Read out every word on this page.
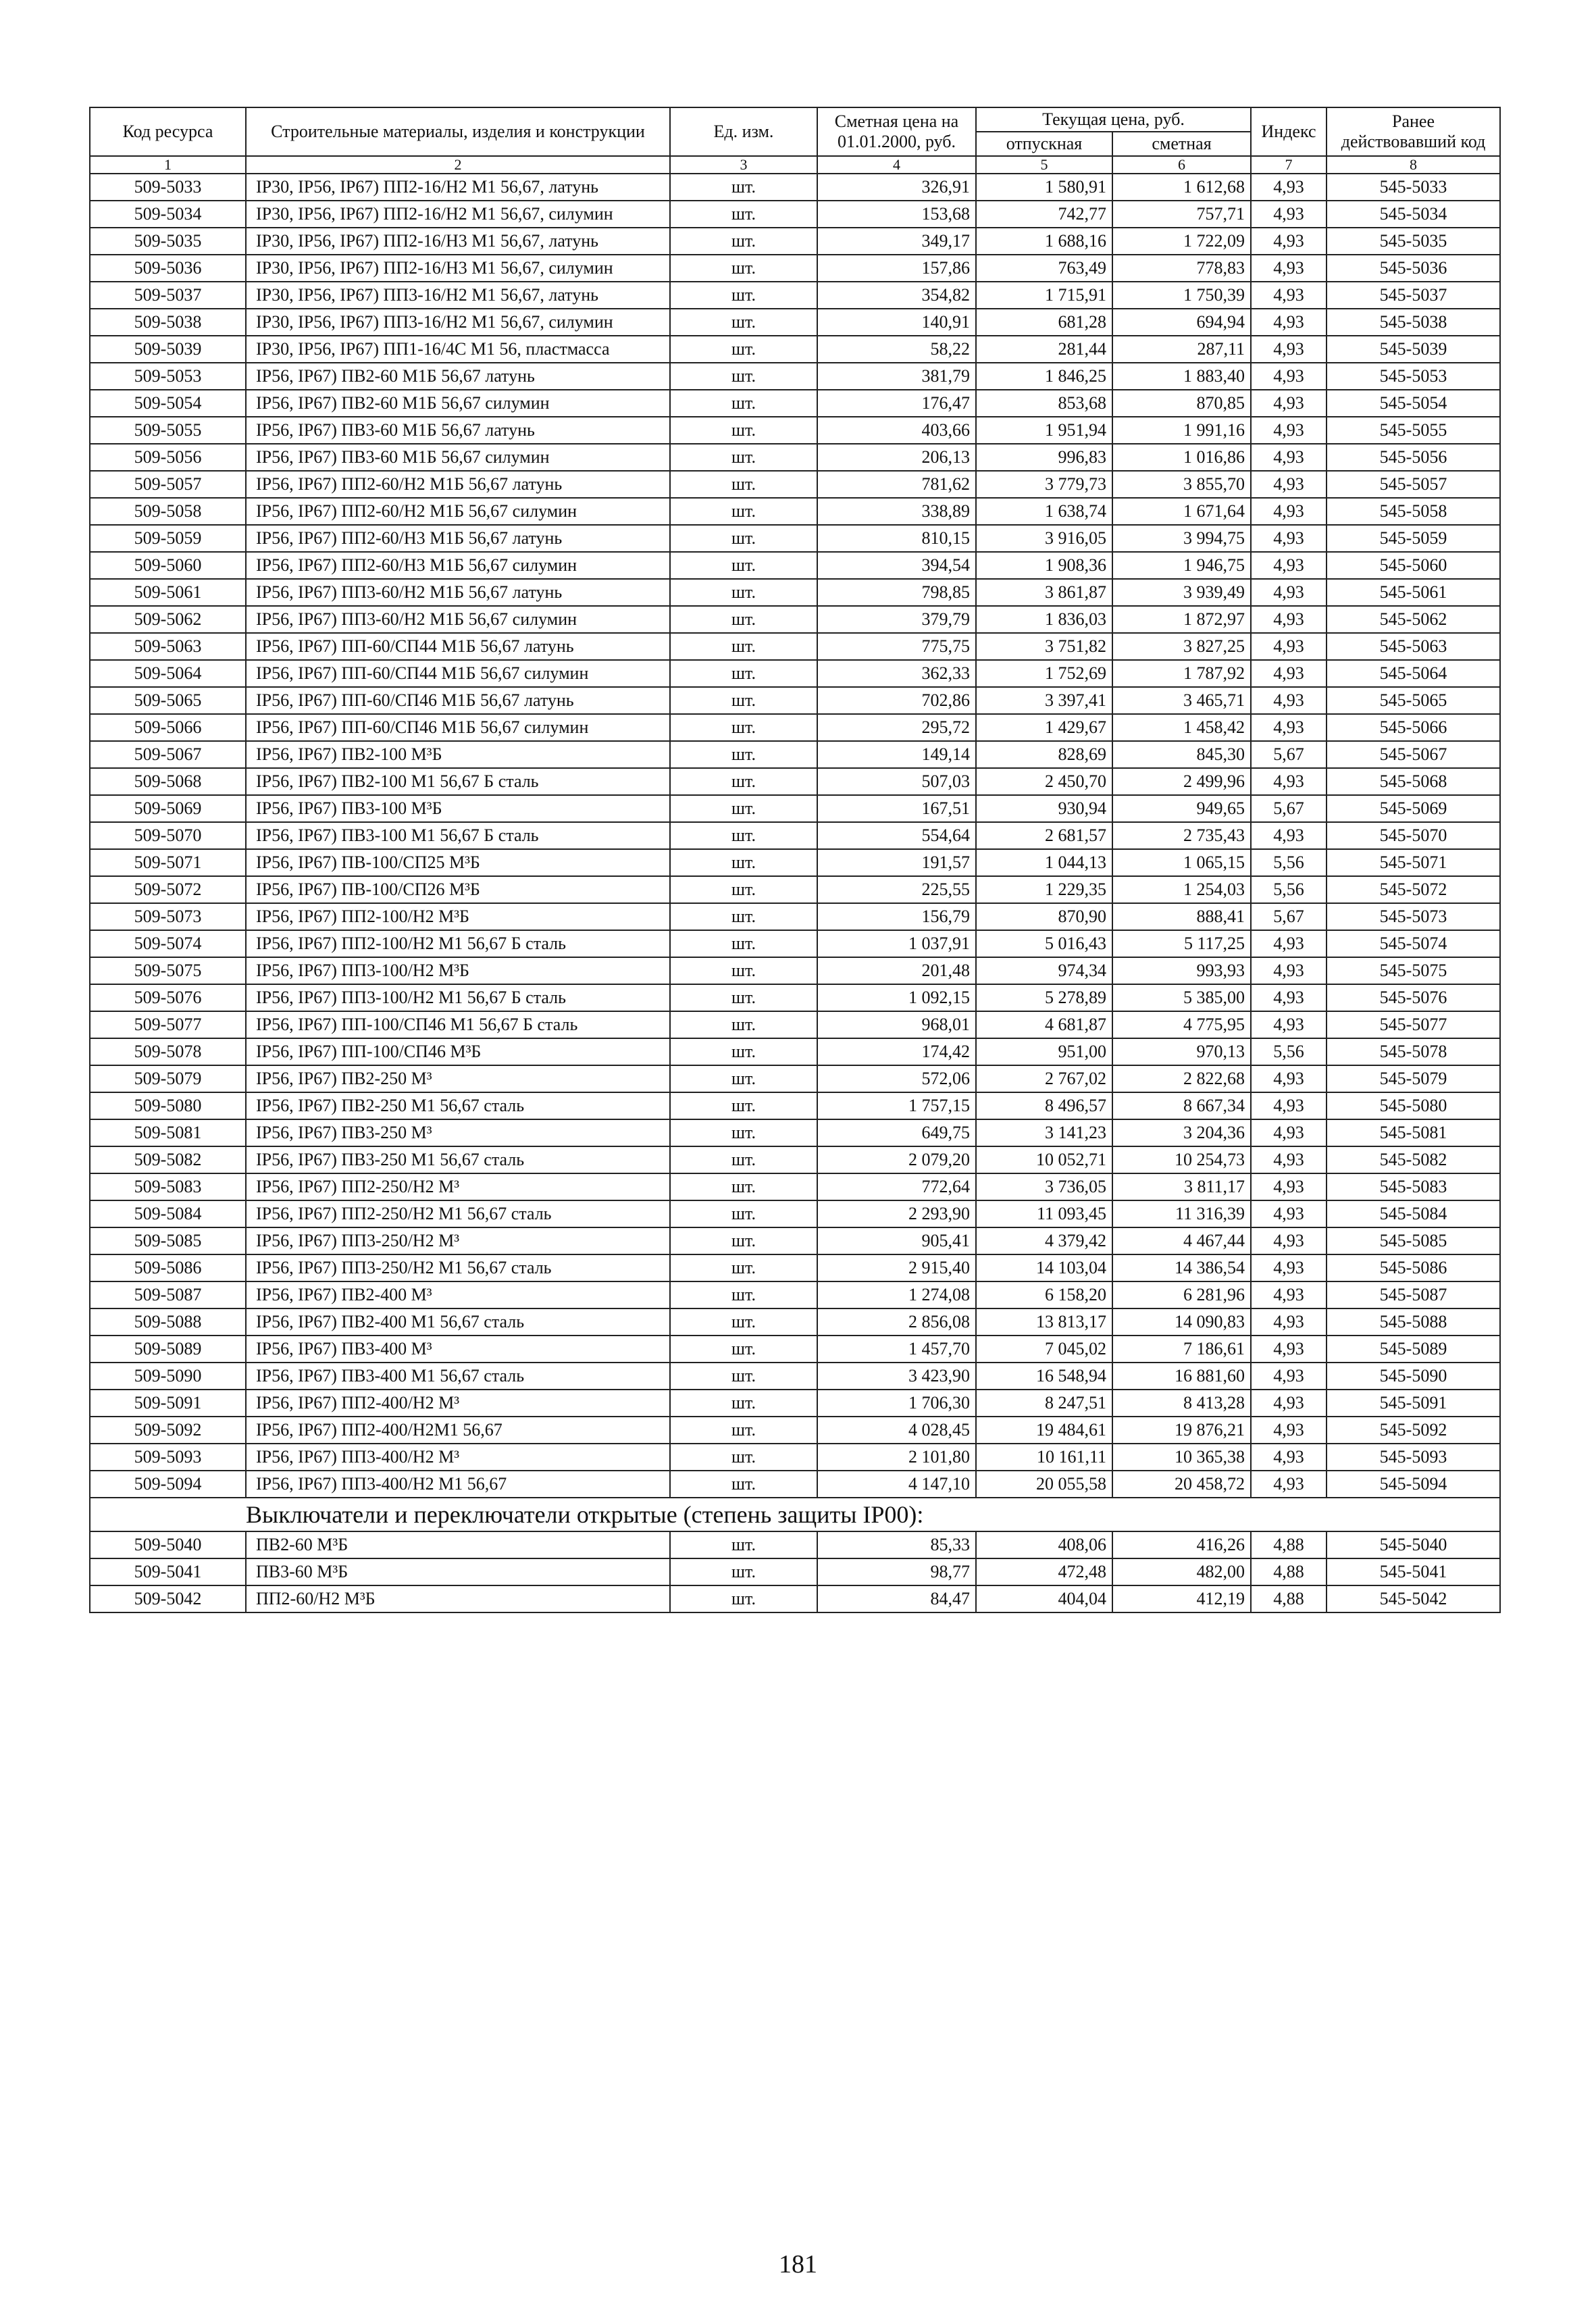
Код ресурса	Строительные материалы, изделия и конструкции	Ед. изм.	Сметная цена на 01.01.2000, руб.	Текущая цена, руб.		Индекс	Ранее действовавший код
				отпускная	сметная		
1	2	3	4	5	6	7	8
509-5033	IP30, IP56, IP67) ПП2-16/Н2 М1 56,67, латунь	шт.	326,91	1 580,91	1 612,68	4,93	545-5033
509-5034	IP30, IP56, IP67) ПП2-16/Н2 М1 56,67, силумин	шт.	153,68	742,77	757,71	4,93	545-5034
509-5035	IP30, IP56, IP67) ПП2-16/Н3 М1 56,67, латунь	шт.	349,17	1 688,16	1 722,09	4,93	545-5035
509-5036	IP30, IP56, IP67) ПП2-16/Н3 М1 56,67, силумин	шт.	157,86	763,49	778,83	4,93	545-5036
509-5037	IP30, IP56, IP67) ПП3-16/Н2 М1 56,67, латунь	шт.	354,82	1 715,91	1 750,39	4,93	545-5037
509-5038	IP30, IP56, IP67) ПП3-16/Н2 М1 56,67, силумин	шт.	140,91	681,28	694,94	4,93	545-5038
509-5039	IP30, IP56, IP67) ПП1-16/4С М1 56, пластмасса	шт.	58,22	281,44	287,11	4,93	545-5039
509-5053	IP56, IP67) ПВ2-60 М1Б 56,67 латунь	шт.	381,79	1 846,25	1 883,40	4,93	545-5053
509-5054	IP56, IP67) ПВ2-60 М1Б 56,67 силумин	шт.	176,47	853,68	870,85	4,93	545-5054
509-5055	IP56, IP67) ПВ3-60 М1Б 56,67 латунь	шт.	403,66	1 951,94	1 991,16	4,93	545-5055
509-5056	IP56, IP67) ПВ3-60 М1Б 56,67 силумин	шт.	206,13	996,83	1 016,86	4,93	545-5056
509-5057	IP56, IP67) ПП2-60/Н2 М1Б 56,67 латунь	шт.	781,62	3 779,73	3 855,70	4,93	545-5057
509-5058	IP56, IP67) ПП2-60/Н2 М1Б 56,67 силумин	шт.	338,89	1 638,74	1 671,64	4,93	545-5058
509-5059	IP56, IP67) ПП2-60/Н3 М1Б 56,67 латунь	шт.	810,15	3 916,05	3 994,75	4,93	545-5059
509-5060	IP56, IP67) ПП2-60/Н3 М1Б 56,67 силумин	шт.	394,54	1 908,36	1 946,75	4,93	545-5060
509-5061	IP56, IP67) ПП3-60/Н2 М1Б 56,67 латунь	шт.	798,85	3 861,87	3 939,49	4,93	545-5061
509-5062	IP56, IP67) ПП3-60/Н2 М1Б 56,67 силумин	шт.	379,79	1 836,03	1 872,97	4,93	545-5062
509-5063	IP56, IP67) ПП-60/СП44 М1Б 56,67 латунь	шт.	775,75	3 751,82	3 827,25	4,93	545-5063
509-5064	IP56, IP67) ПП-60/СП44 М1Б 56,67 силумин	шт.	362,33	1 752,69	1 787,92	4,93	545-5064
509-5065	IP56, IP67) ПП-60/СП46 М1Б 56,67 латунь	шт.	702,86	3 397,41	3 465,71	4,93	545-5065
509-5066	IP56, IP67) ПП-60/СП46 М1Б 56,67 силумин	шт.	295,72	1 429,67	1 458,42	4,93	545-5066
509-5067	IP56, IP67) ПВ2-100 М³Б	шт.	149,14	828,69	845,30	5,67	545-5067
509-5068	IP56, IP67) ПВ2-100 М1 56,67 Б сталь	шт.	507,03	2 450,70	2 499,96	4,93	545-5068
509-5069	IP56, IP67) ПВ3-100 М³Б	шт.	167,51	930,94	949,65	5,67	545-5069
509-5070	IP56, IP67) ПВ3-100 М1 56,67 Б сталь	шт.	554,64	2 681,57	2 735,43	4,93	545-5070
509-5071	IP56, IP67) ПВ-100/СП25 М³Б	шт.	191,57	1 044,13	1 065,15	5,56	545-5071
509-5072	IP56, IP67) ПВ-100/СП26 М³Б	шт.	225,55	1 229,35	1 254,03	5,56	545-5072
509-5073	IP56, IP67) ПП2-100/Н2 М³Б	шт.	156,79	870,90	888,41	5,67	545-5073
509-5074	IP56, IP67) ПП2-100/Н2 М1 56,67 Б сталь	шт.	1 037,91	5 016,43	5 117,25	4,93	545-5074
509-5075	IP56, IP67) ПП3-100/Н2 М³Б	шт.	201,48	974,34	993,93	4,93	545-5075
509-5076	IP56, IP67) ПП3-100/Н2 М1 56,67 Б сталь	шт.	1 092,15	5 278,89	5 385,00	4,93	545-5076
509-5077	IP56, IP67) ПП-100/СП46 М1 56,67 Б сталь	шт.	968,01	4 681,87	4 775,95	4,93	545-5077
509-5078	IP56, IP67) ПП-100/СП46 М³Б	шт.	174,42	951,00	970,13	5,56	545-5078
509-5079	IP56, IP67) ПВ2-250 М³	шт.	572,06	2 767,02	2 822,68	4,93	545-5079
509-5080	IP56, IP67) ПВ2-250 М1 56,67 сталь	шт.	1 757,15	8 496,57	8 667,34	4,93	545-5080
509-5081	IP56, IP67) ПВ3-250 М³	шт.	649,75	3 141,23	3 204,36	4,93	545-5081
509-5082	IP56, IP67) ПВ3-250 М1 56,67 сталь	шт.	2 079,20	10 052,71	10 254,73	4,93	545-5082
509-5083	IP56, IP67) ПП2-250/Н2 М³	шт.	772,64	3 736,05	3 811,17	4,93	545-5083
509-5084	IP56, IP67) ПП2-250/Н2 М1 56,67 сталь	шт.	2 293,90	11 093,45	11 316,39	4,93	545-5084
509-5085	IP56, IP67) ПП3-250/Н2 М³	шт.	905,41	4 379,42	4 467,44	4,93	545-5085
509-5086	IP56, IP67) ПП3-250/Н2 М1 56,67 сталь	шт.	2 915,40	14 103,04	14 386,54	4,93	545-5086
509-5087	IP56, IP67) ПВ2-400 М³	шт.	1 274,08	6 158,20	6 281,96	4,93	545-5087
509-5088	IP56, IP67) ПВ2-400 М1 56,67 сталь	шт.	2 856,08	13 813,17	14 090,83	4,93	545-5088
509-5089	IP56, IP67) ПВ3-400 М³	шт.	1 457,70	7 045,02	7 186,61	4,93	545-5089
509-5090	IP56, IP67) ПВ3-400 М1 56,67 сталь	шт.	3 423,90	16 548,94	16 881,60	4,93	545-5090
509-5091	IP56, IP67) ПП2-400/Н2 М³	шт.	1 706,30	8 247,51	8 413,28	4,93	545-5091
509-5092	IP56, IP67) ПП2-400/Н2М1 56,67	шт.	4 028,45	19 484,61	19 876,21	4,93	545-5092
509-5093	IP56, IP67) ПП3-400/Н2 М³	шт.	2 101,80	10 161,11	10 365,38	4,93	545-5093
509-5094	IP56, IP67) ПП3-400/Н2 М1 56,67	шт.	4 147,10	20 055,58	20 458,72	4,93	545-5094
Выключатели и переключатели открытые (степень защиты IP00):							
509-5040	ПВ2-60 М³Б	шт.	85,33	408,06	416,26	4,88	545-5040
509-5041	ПВ3-60 М³Б	шт.	98,77	472,48	482,00	4,88	545-5041
509-5042	ПП2-60/Н2 М³Б	шт.	84,47	404,04	412,19	4,88	545-5042
181
